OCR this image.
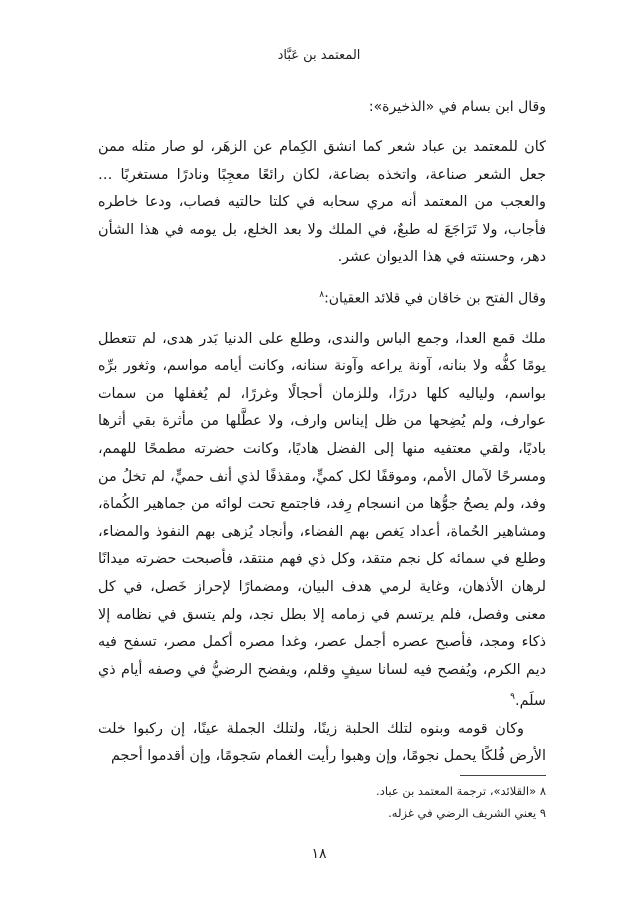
المعتمد بن عَبَّاد

وقال ابن بسام في «الذخيرة»:

كان للمعتمد بن عباد شعر كما انشق الكِمام عن الزهَر، لو صار مثله ممن جعل الشعر صناعة، واتخذه بضاعة، لكان رائعًا معجِبًا ونادرًا مستغربًا … والعجب من المعتمد أنه مري سحابه في كلتا حالتيه فصاب، ودعا خاطره فأجاب، ولا تَرَاجَعَ له طبعٌ، في الملك ولا بعد الخلع، بل يومه في هذا الشأن دهر، وحسنته في هذا الديوان عشر.

وقال الفتح بن خاقان في قلائد العقيان:$^٨$

ملك قمع العدا، وجمع الباس والندى، وطلع على الدنيا بَدر هدى، لم تتعطل يومًا كفُّه ولا بنانه، آونة يراعه وآونة سنانه، وكانت أيامه مواسم، وثغور برِّه بواسم، ولياليه كلها دررًا، وللزمان أحجالًا وغررًا، لم يُغفلها من سمات عوارف، ولم يُضِحها من ظل إيناس وارف، ولا عطَّلها من مأثرة بقي أثرها باديًا، ولقي معتفيه منها إلى الفضل هاديًا، وكانت حضرته مطمحًا للهمم، ومسرحًا لآمال الأمم، وموقفًا لكل كميٍّ، ومقذفًا لذي أنف حميٍّ، لم تخلُ من وفد، ولم يصحُ جوُّها من انسجام رِفد، فاجتمع تحت لوائه من جماهير الكُماة، ومشاهير الحُماة، أعداد يَغص بهم الفضاء، وأنجاد يُزهى بهم النفوذ والمضاء، وطلع في سمائه كل نجم متقد، وكل ذي فهم منتقد، فأصبحت حضرته ميدانًا لرهان الأذهان، وغاية لرمي هدف البيان، ومضمارًا لإحراز خَصل، في كل معنى وفصل، فلم يرتسم في زمامه إلا بطل نجد، ولم يتسق في نظامه إلا ذكاء ومجد، فأصبح عصره أجمل عصر، وغدا مصره أكمل مصر، تسفح فيه ديم الكرم، ويُفصح فيه لسانا سيفٍ وقلم، ويفضح الرضيُّ في وصفه أيام ذي سلَم.$^٩$

وكان قومه وبنوه لتلك الحلبة زينًا، ولتلك الجملة عينًا، إن ركبوا خلت الأرض فُلكًا يحمل نجومًا، وإن وهبوا رأيت الغمام سَجومًا، وإن أقدموا أحجم

٨ «القلائد»، ترجمة المعتمد بن عباد.

٩ يعني الشريف الرضي في غزله.

١٨
